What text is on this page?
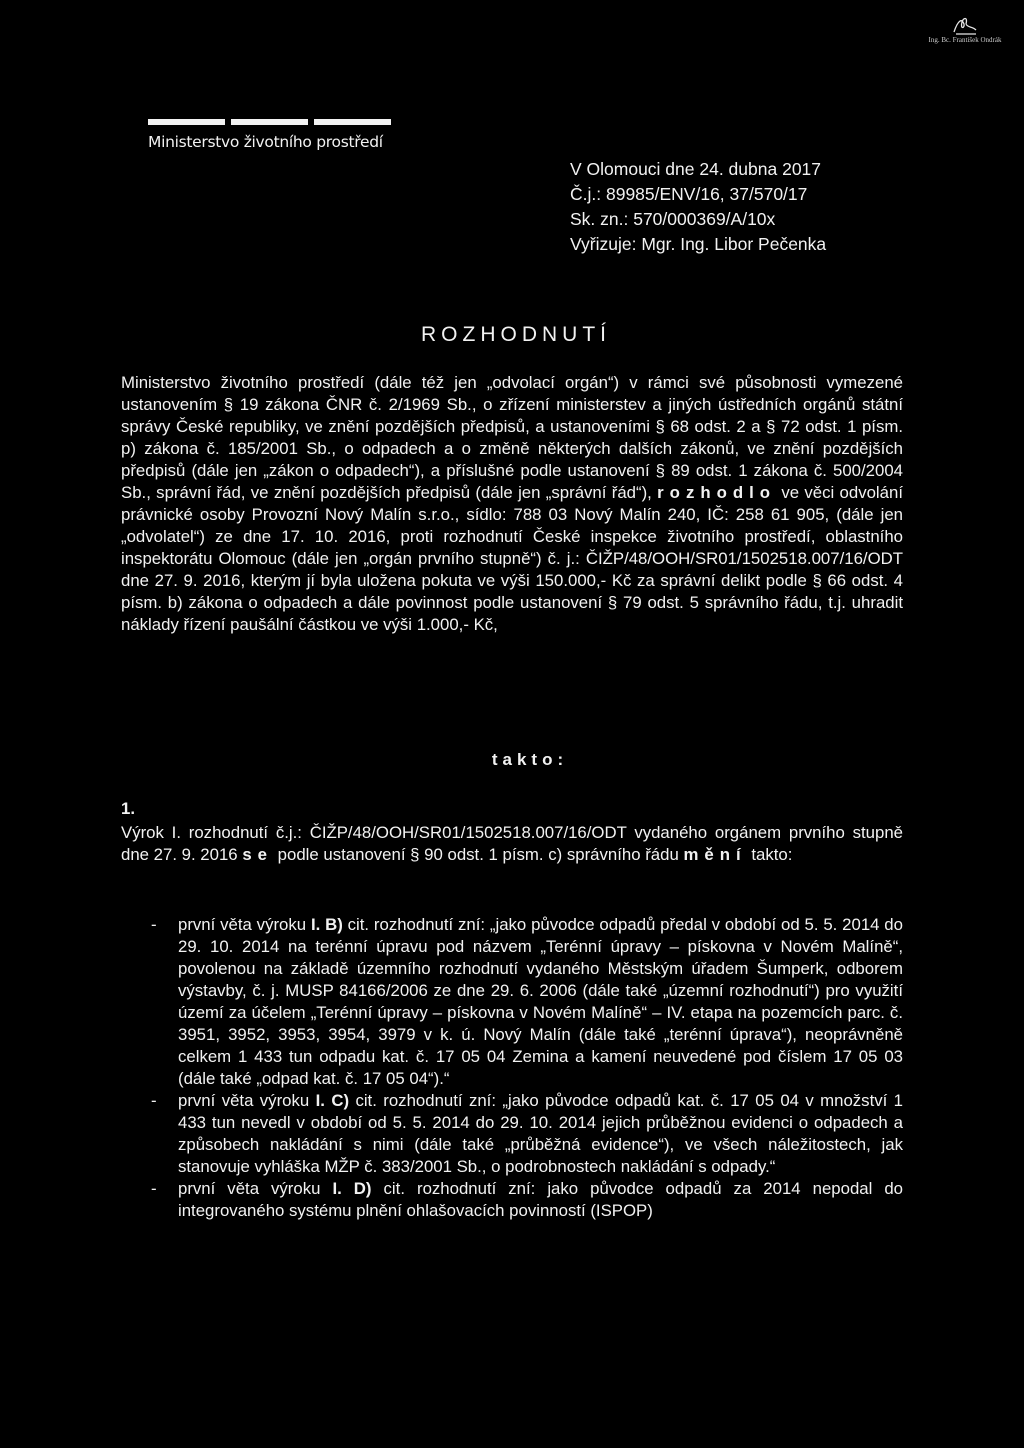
Ing. Bc. František Ondrák
Ministerstvo životního prostředí
V Olomouci dne 24. dubna 2017
Č.j.: 89985/ENV/16, 37/570/17
Sk. zn.: 570/000369/A/10x
Vyřizuje: Mgr. Ing. Libor Pečenka
ROZHODNUTÍ
Ministerstvo životního prostředí (dále též jen „odvolací orgán“) v rámci své působnosti vymezené ustanovením § 19 zákona ČNR č. 2/1969 Sb., o zřízení ministerstev a jiných ústředních orgánů státní správy České republiky, ve znění pozdějších předpisů, a ustanoveními § 68 odst. 2 a § 72 odst. 1 písm. p) zákona č. 185/2001 Sb., o odpadech a o změně některých dalších zákonů, ve znění pozdějších předpisů (dále jen „zákon o odpadech“), a příslušné podle ustanovení § 89 odst. 1 zákona č. 500/2004 Sb., správní řád, ve znění pozdějších předpisů (dále jen „správní řád“), rozhodlo ve věci odvolání právnické osoby Provozní Nový Malín s.r.o., sídlo: 788 03 Nový Malín 240, IČ: 258 61 905, (dále jen „odvolatel“) ze dne 17. 10. 2016, proti rozhodnutí České inspekce životního prostředí, oblastního inspektorátu Olomouc (dále jen „orgán prvního stupně“) č. j.: ČIŽP/48/OOH/SR01/1502518.007/16/ODT dne 27. 9. 2016, kterým jí byla uložena pokuta ve výši 150.000,- Kč za správní delikt podle § 66 odst. 4 písm. b) zákona o odpadech a dále povinnost podle ustanovení § 79 odst. 5 správního řádu, t.j. uhradit náklady řízení paušální částkou ve výši 1.000,- Kč,
takto:
1.
Výrok I. rozhodnutí č.j.: ČIŽP/48/OOH/SR01/1502518.007/16/ODT vydaného orgánem prvního stupně dne 27. 9. 2016 se podle ustanovení § 90 odst. 1 písm. c) správního řádu mění takto:
- první věta výroku I. B) cit. rozhodnutí zní: „jako původce odpadů předal v období od 5. 5. 2014 do 29. 10. 2014 na terénní úpravu pod názvem „Terénní úpravy – pískovna v Novém Malíně“, povolenou na základě územního rozhodnutí vydaného Městským úřadem Šumperk, odborem výstavby, č. j. MUSP 84166/2006 ze dne 29. 6. 2006 (dále také „územní rozhodnutí“) pro využití území za účelem „Terénní úpravy – pískovna v Novém Malíně“ – IV. etapa na pozemcích parc. č. 3951, 3952, 3953, 3954, 3979 v k. ú. Nový Malín (dále také „terénní úprava“), neoprávněně celkem 1 433 tun odpadu kat. č. 17 05 04 Zemina a kamení neuvedené pod číslem 17 05 03 (dále také „odpad kat. č. 17 05 04“).“
- první věta výroku I. C) cit. rozhodnutí zní: „jako původce odpadů kat. č. 17 05 04 v množství 1 433 tun nevedl v období od 5. 5. 2014 do 29. 10. 2014 jejich průběžnou evidenci o odpadech a způsobech nakládání s nimi (dále také „průběžná evidence“), ve všech náležitostech, jak stanovuje vyhláška MŽP č. 383/2001 Sb., o podrobnostech nakládání s odpady.“
- první věta výroku I. D) cit. rozhodnutí zní: jako původce odpadů za 2014 nepodal do integrovaného systému plnění ohlašovacích povinností (ISPOP)
